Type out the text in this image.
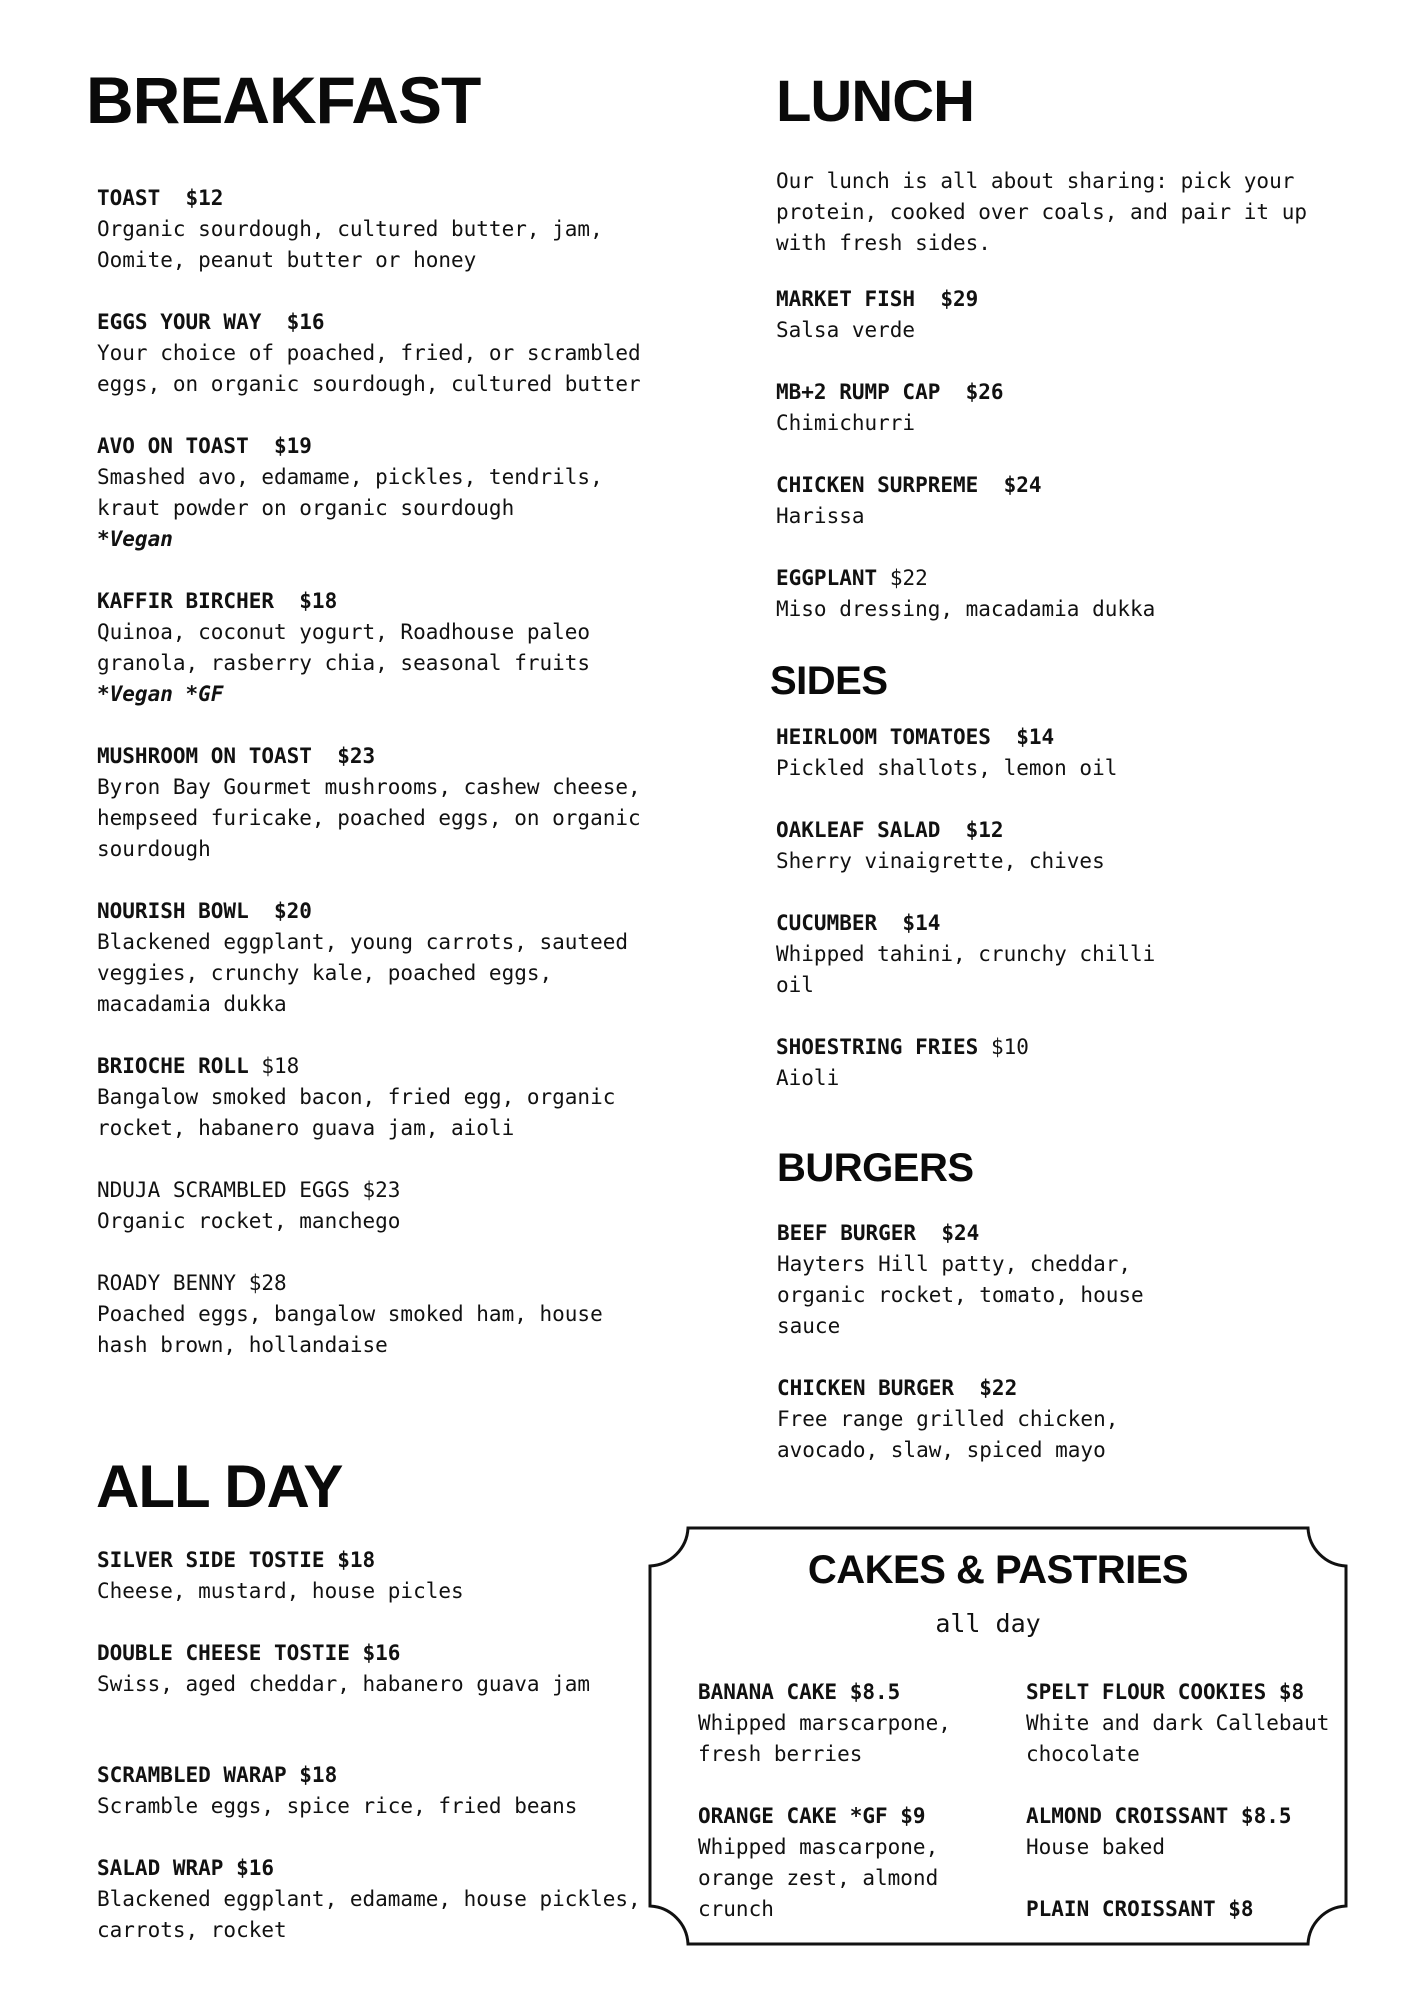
BREAKFAST
TOAST  $12
Organic sourdough, cultured butter, jam, Oomite, peanut butter or honey
EGGS YOUR WAY  $16
Your choice of poached, fried, or scrambled eggs, on organic sourdough, cultured butter
AVO ON TOAST  $19
Smashed avo, edamame, pickles, tendrils, kraut powder on organic sourdough
*Vegan
KAFFIR BIRCHER  $18
Quinoa, coconut yogurt, Roadhouse paleo granola, rasberry chia, seasonal fruits
*Vegan *GF
MUSHROOM ON TOAST  $23
Byron Bay Gourmet mushrooms, cashew cheese, hempseed furicake, poached eggs, on organic sourdough
NOURISH BOWL  $20
Blackened eggplant, young carrots, sauteed veggies, crunchy kale, poached eggs, macadamia dukka
BRIOCHE ROLL $18
Bangalow smoked bacon, fried egg, organic rocket, habanero guava jam, aioli
NDUJA SCRAMBLED EGGS $23
Organic rocket, manchego
ROADY BENNY $28
Poached eggs, bangalow smoked ham, house hash brown, hollandaise
ALL DAY
SILVER SIDE TOSTIE $18
Cheese, mustard, house picles
DOUBLE CHEESE TOSTIE $16
Swiss, aged cheddar, habanero guava jam
SCRAMBLED WARAP $18
Scramble eggs, spice rice, fried beans
SALAD WRAP $16
Blackened eggplant, edamame, house pickles, carrots, rocket
LUNCH
Our lunch is all about sharing: pick your protein, cooked over coals, and pair it up with fresh sides.
MARKET FISH  $29
Salsa verde
MB+2 RUMP CAP  $26
Chimichurri
CHICKEN SURPREME  $24
Harissa
EGGPLANT $22
Miso dressing, macadamia dukka
SIDES
HEIRLOOM TOMATOES  $14
Pickled shallots, lemon oil
OAKLEAF SALAD  $12
Sherry vinaigrette, chives
CUCUMBER  $14
Whipped tahini, crunchy chilli oil
SHOESTRING FRIES $10
Aioli
BURGERS
BEEF BURGER  $24
Hayters Hill patty, cheddar, organic rocket, tomato, house sauce
CHICKEN BURGER  $22
Free range grilled chicken, avocado, slaw, spiced mayo
CAKES & PASTRIES
all day
BANANA CAKE $8.5
Whipped marscarpone, fresh berries
ORANGE CAKE *GF $9
Whipped mascarpone, orange zest, almond crunch
SPELT FLOUR COOKIES $8
White and dark Callebaut chocolate
ALMOND CROISSANT $8.5
House baked
PLAIN CROISSANT $8
